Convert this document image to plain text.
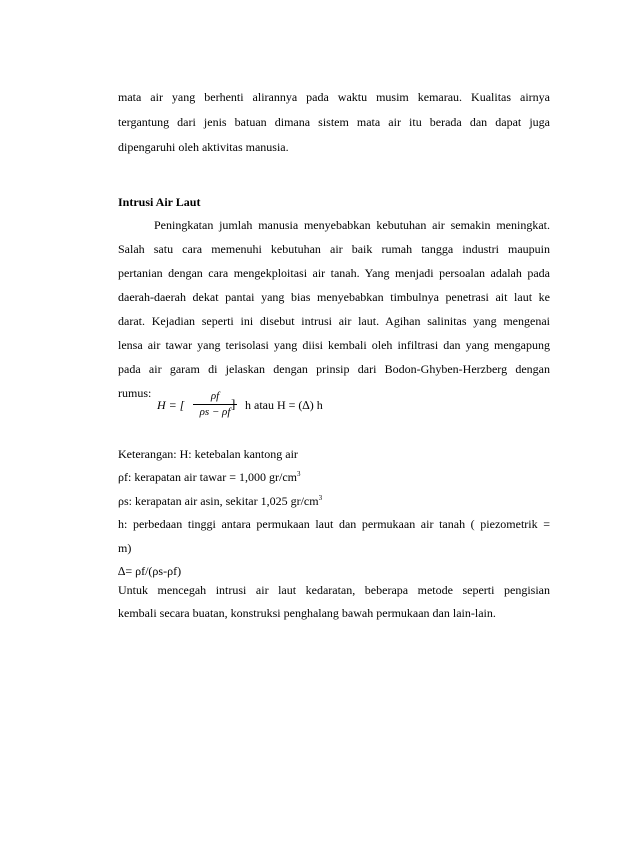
mata air yang berhenti alirannya pada waktu musim kemarau. Kualitas airnya
tergantung dari jenis batuan dimana sistem mata air itu berada dan dapat juga
dipengaruhi oleh aktivitas manusia.
Intrusi Air Laut
Peningkatan jumlah manusia menyebabkan kebutuhan air semakin meningkat.
Salah satu cara memenuhi kebutuhan air baik rumah tangga industri maupuin
pertanian dengan cara mengekploitasi air tanah. Yang menjadi persoalan adalah pada
daerah-daerah dekat pantai yang bias menyebabkan timbulnya penetrasi ait laut ke
darat. Kejadian seperti ini disebut intrusi air laut. Agihan salinitas yang mengenai
lensa air tawar yang terisolasi yang diisi kembali oleh infiltrasi dan yang mengapung
pada air garam di jelaskan dengan prinsip dari Bodon-Ghyben-Herzberg dengan
rumus:
H = [
ρf
ρs − ρf
] h atau H = (∆) h
Keterangan: H: ketebalan kantong air
ρf: kerapatan air tawar = 1,000 $gr/cm^3$
ρs: kerapatan air asin, sekitar 1,025 $gr/cm^3$
h: perbedaan tinggi antara permukaan laut dan permukaan air tanah ( piezometrik =
m)
∆= ρf/(ρs-ρf)
Untuk mencegah intrusi air laut kedaratan, beberapa metode seperti pengisian
kembali secara buatan, konstruksi penghalang bawah permukaan dan lain-lain.
